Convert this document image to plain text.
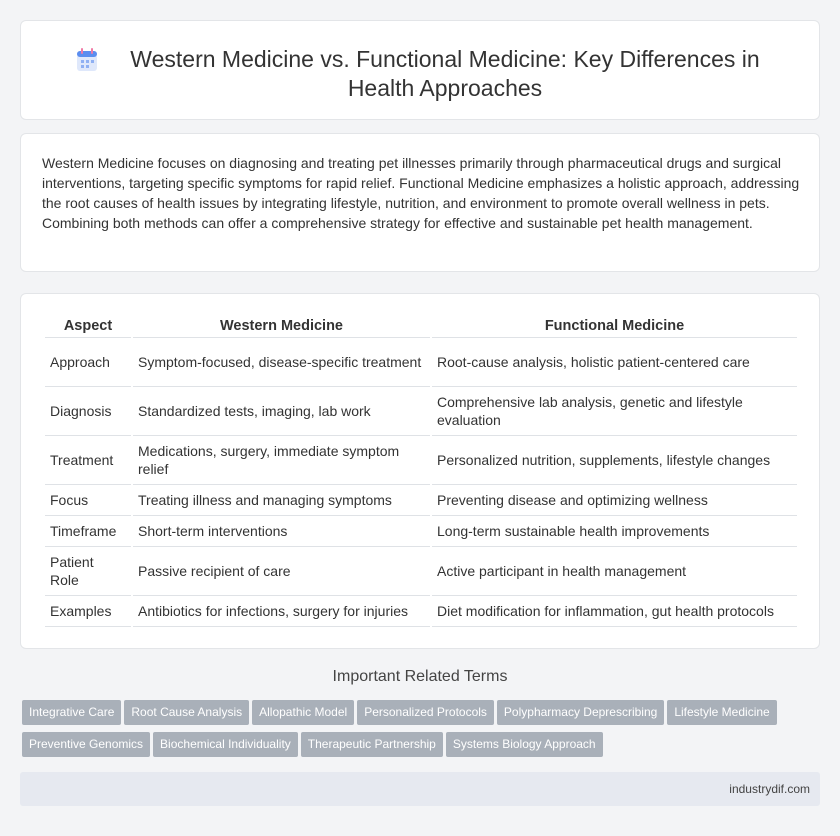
Western Medicine vs. Functional Medicine: Key Differences in Health Approaches

Western Medicine focuses on diagnosing and treating pet illnesses primarily through pharmaceutical drugs and surgical interventions, targeting specific symptoms for rapid relief. Functional Medicine emphasizes a holistic approach, addressing the root causes of health issues by integrating lifestyle, nutrition, and environment to promote overall wellness in pets. Combining both methods can offer a comprehensive strategy for effective and sustainable pet health management.

Aspect	Western Medicine	Functional Medicine
Approach	Symptom-focused, disease-specific treatment	Root-cause analysis, holistic patient-centered care
Diagnosis	Standardized tests, imaging, lab work	Comprehensive lab analysis, genetic and lifestyle evaluation
Treatment	Medications, surgery, immediate symptom relief	Personalized nutrition, supplements, lifestyle changes
Focus	Treating illness and managing symptoms	Preventing disease and optimizing wellness
Timeframe	Short-term interventions	Long-term sustainable health improvements
Patient Role	Passive recipient of care	Active participant in health management
Examples	Antibiotics for infections, surgery for injuries	Diet modification for inflammation, gut health protocols
Important Related Terms
Integrative Care Root Cause Analysis Allopathic Model Personalized Protocols Polypharmacy Deprescribing Lifestyle Medicine
Preventive Genomics Biochemical Individuality Therapeutic Partnership Systems Biology Approach
industrydif.com
